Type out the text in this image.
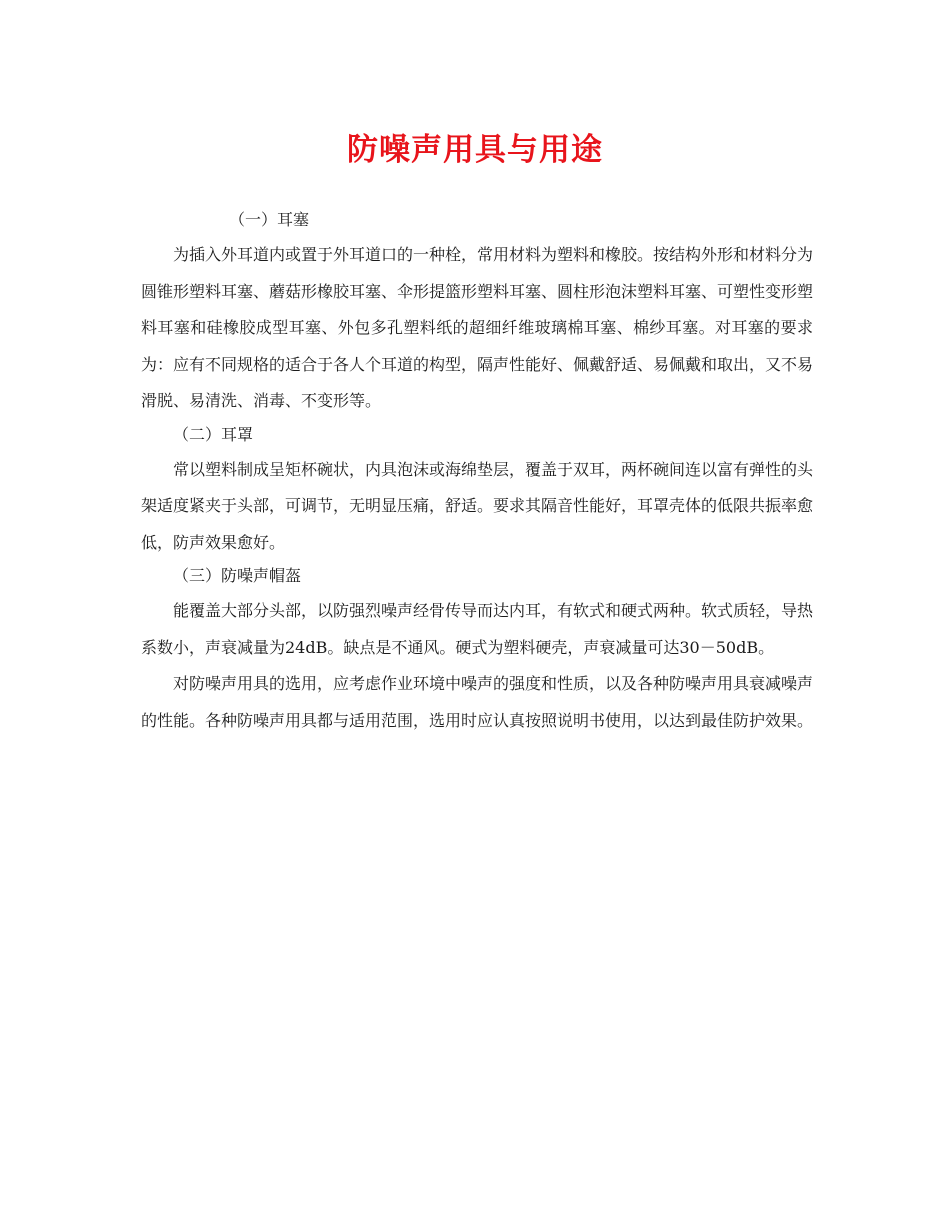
防噪声用具与用途

（一）耳塞

为插入外耳道内或置于外耳道口的一种栓，常用材料为塑料和橡胶。按结构外形和材料分为圆锥形塑料耳塞、蘑菇形橡胶耳塞、伞形提篮形塑料耳塞、圆柱形泡沫塑料耳塞、可塑性变形塑料耳塞和硅橡胶成型耳塞、外包多孔塑料纸的超细纤维玻璃棉耳塞、棉纱耳塞。对耳塞的要求为：应有不同规格的适合于各人个耳道的构型，隔声性能好、佩戴舒适、易佩戴和取出，又不易滑脱、易清洗、消毒、不变形等。

（二）耳罩

常以塑料制成呈矩杯碗状，内具泡沫或海绵垫层，覆盖于双耳，两杯碗间连以富有弹性的头架适度紧夹于头部，可调节，无明显压痛，舒适。要求其隔音性能好，耳罩壳体的低限共振率愈低，防声效果愈好。

（三）防噪声帽盔

能覆盖大部分头部，以防强烈噪声经骨传导而达内耳，有软式和硬式两种。软式质轻，导热系数小，声衰减量为24dB。缺点是不通风。硬式为塑料硬壳，声衰减量可达30－50dB。

对防噪声用具的选用，应考虑作业环境中噪声的强度和性质，以及各种防噪声用具衰减噪声的性能。各种防噪声用具都与适用范围，选用时应认真按照说明书使用，以达到最佳防护效果。
